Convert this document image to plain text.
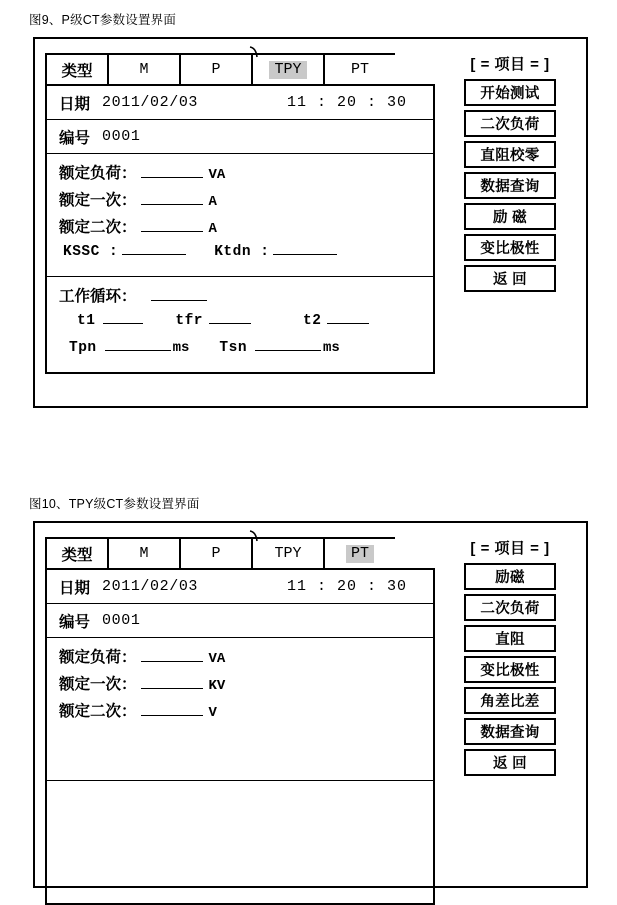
图9、P级CT参数设置界面
类型	M	P	TPY	PT
日期 2011/02/03	11 : 20 : 30
编号 0001
额定负荷：	VA
额定一次：	A
额定二次：	A
KSSC :	Ktdn :
工作循环：
t1	tfr	t2
Tpn	ms Tsn	ms
[ = 项目 = ]
开始测试
二次负荷
直阻校零
数据查询
励 磁
变比极性
返 回
图10、TPY级CT参数设置界面
类型	M	P	TPY	PT
日期 2011/02/03	11 : 20 : 30
编号 0001
额定负荷：	VA
额定一次：	KV
额定二次：	V
[ = 项目 = ]
励磁
二次负荷
直阻
变比极性
角差比差
数据查询
返 回
